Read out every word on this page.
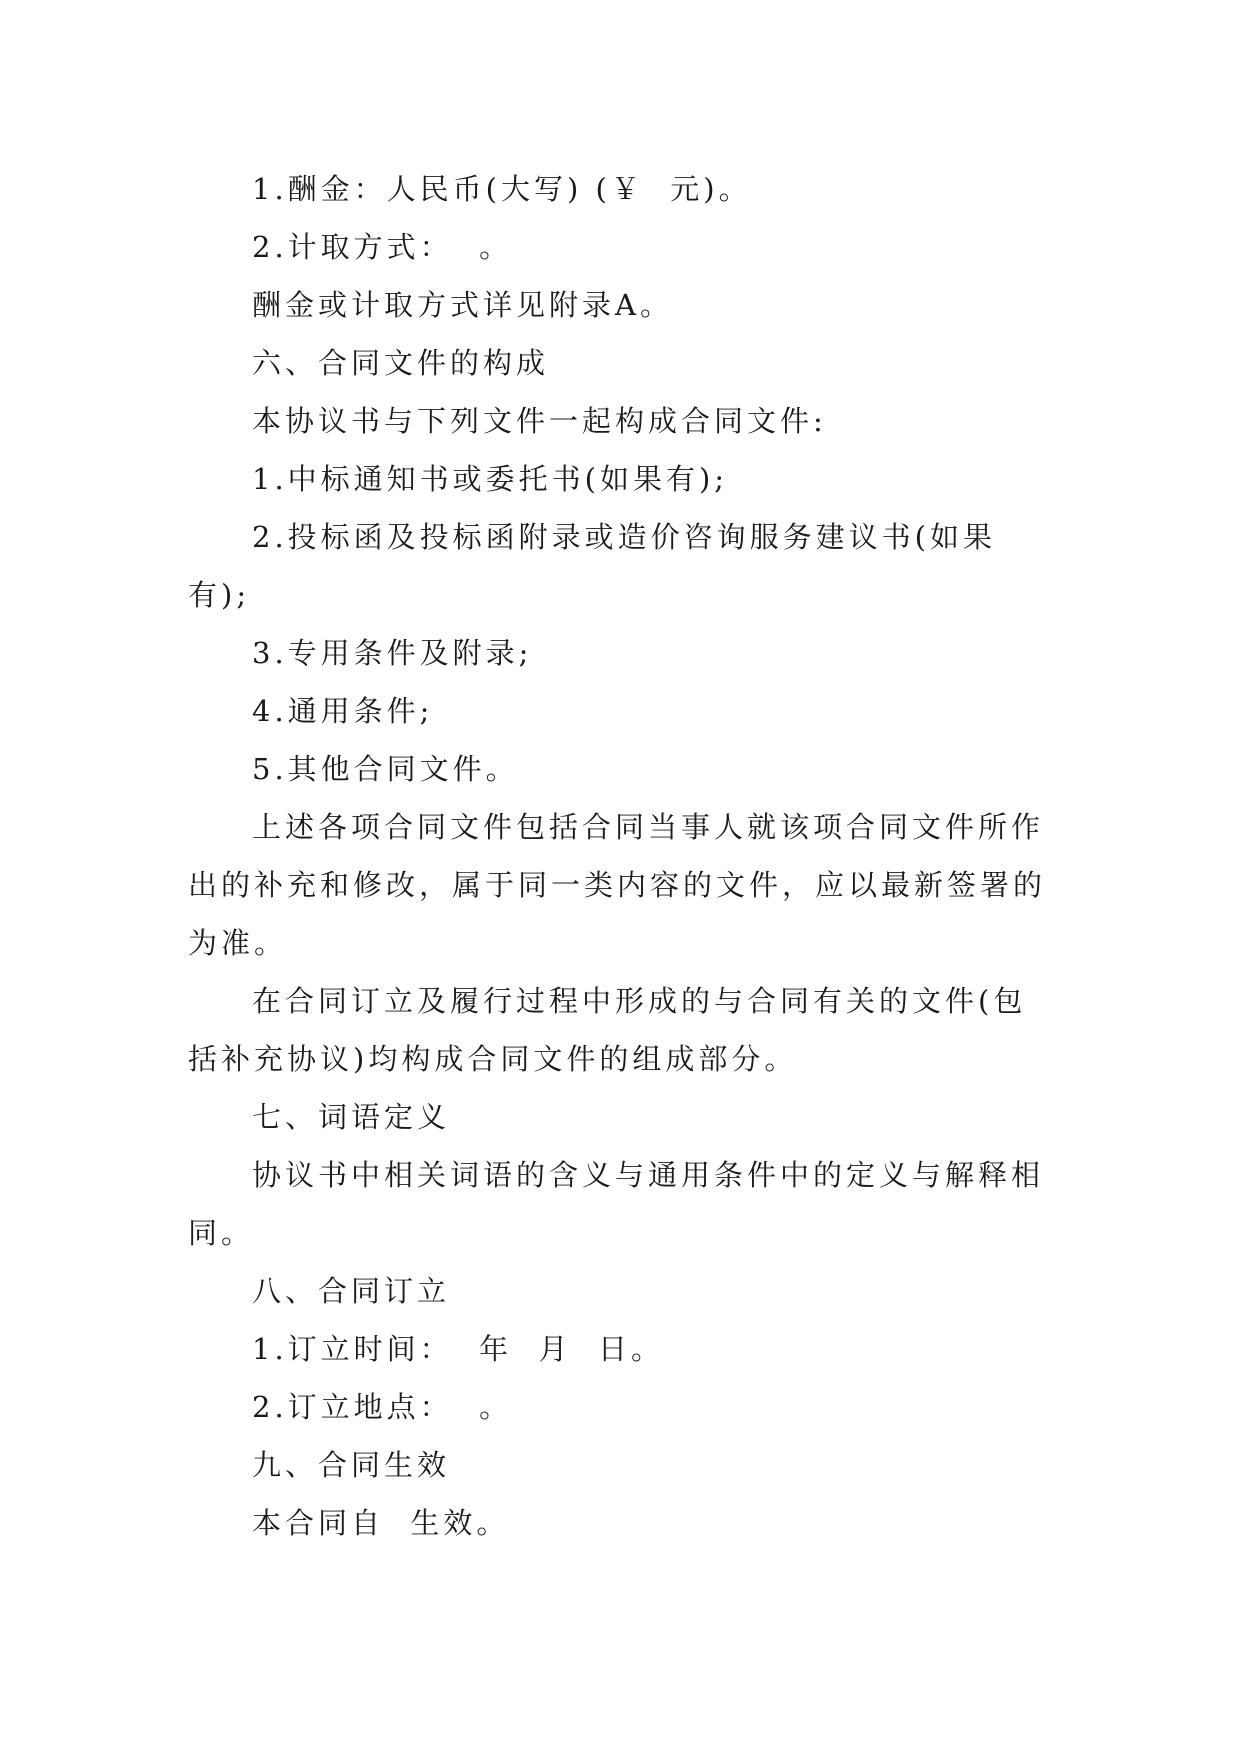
1.酬金：人民币(大写) (￥  元)。

2.计取方式：  。

酬金或计取方式详见附录A。

六、合同文件的构成

本协议书与下列文件一起构成合同文件:

1.中标通知书或委托书(如果有);

2.投标函及投标函附录或造价咨询服务建议书(如果有);

3.专用条件及附录;

4.通用条件;

5.其他合同文件。

上述各项合同文件包括合同当事人就该项合同文件所作出的补充和修改，属于同一类内容的文件，应以最新签署的为准。

在合同订立及履行过程中形成的与合同有关的文件(包括补充协议)均构成合同文件的组成部分。

七、词语定义

协议书中相关词语的含义与通用条件中的定义与解释相同。

八、合同订立

1.订立时间：  年  月  日。

2.订立地点：  。

九、合同生效

本合同自  生效。
